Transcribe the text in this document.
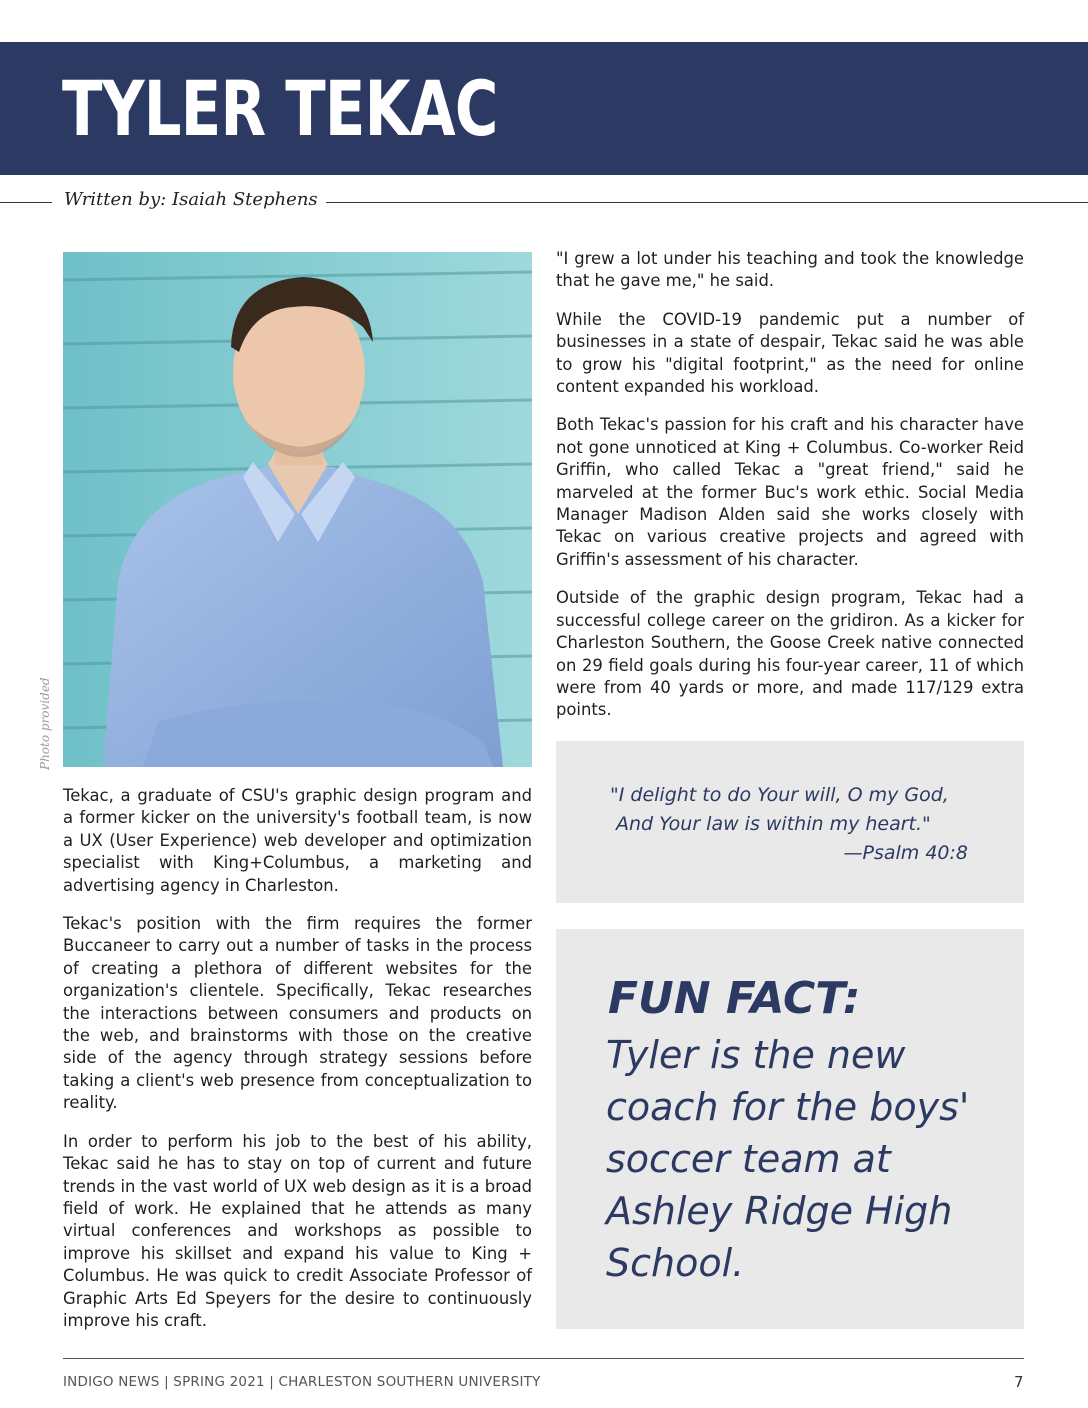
TYLER TEKAC
Written by: Isaiah Stephens
Photo provided

Tekac, a graduate of CSU's graphic design program and a former kicker on the university's football team, is now a UX (User Experience) web developer and optimization specialist with King+Columbus, a marketing and advertising agency in Charleston.

Tekac's position with the firm requires the former Buccaneer to carry out a number of tasks in the process of creating a plethora of different websites for the organization's clientele. Specifically, Tekac researches the interactions between consumers and products on the web, and brainstorms with those on the creative side of the agency through strategy sessions before taking a client's web presence from conceptualization to reality.

In order to perform his job to the best of his ability, Tekac said he has to stay on top of current and future trends in the vast world of UX web design as it is a broad field of work. He explained that he attends as many virtual conferences and workshops as possible to improve his skillset and expand his value to King + Columbus. He was quick to credit Associate Professor of Graphic Arts Ed Speyers for the desire to continuously improve his craft.

"I grew a lot under his teaching and took the knowledge that he gave me," he said.

While the COVID-19 pandemic put a number of businesses in a state of despair, Tekac said he was able to grow his "digital footprint," as the need for online content expanded his workload.

Both Tekac's passion for his craft and his character have not gone unnoticed at King + Columbus. Co-worker Reid Griffin, who called Tekac a "great friend," said he marveled at the former Buc's work ethic. Social Media Manager Madison Alden said she works closely with Tekac on various creative projects and agreed with Griffin's assessment of his character.

Outside of the graphic design program, Tekac had a successful college career on the gridiron. As a kicker for Charleston Southern, the Goose Creek native connected on 29 field goals during his four-year career, 11 of which were from 40 yards or more, and made 117/129 extra points.

"I delight to do Your will, O my God,
And Your law is within my heart."
—Psalm 40:8
FUN FACT:
Tyler is the new coach for the boys' soccer team at Ashley Ridge High School.
INDIGO NEWS | SPRING 2021 | CHARLESTON SOUTHERN UNIVERSITY	7
